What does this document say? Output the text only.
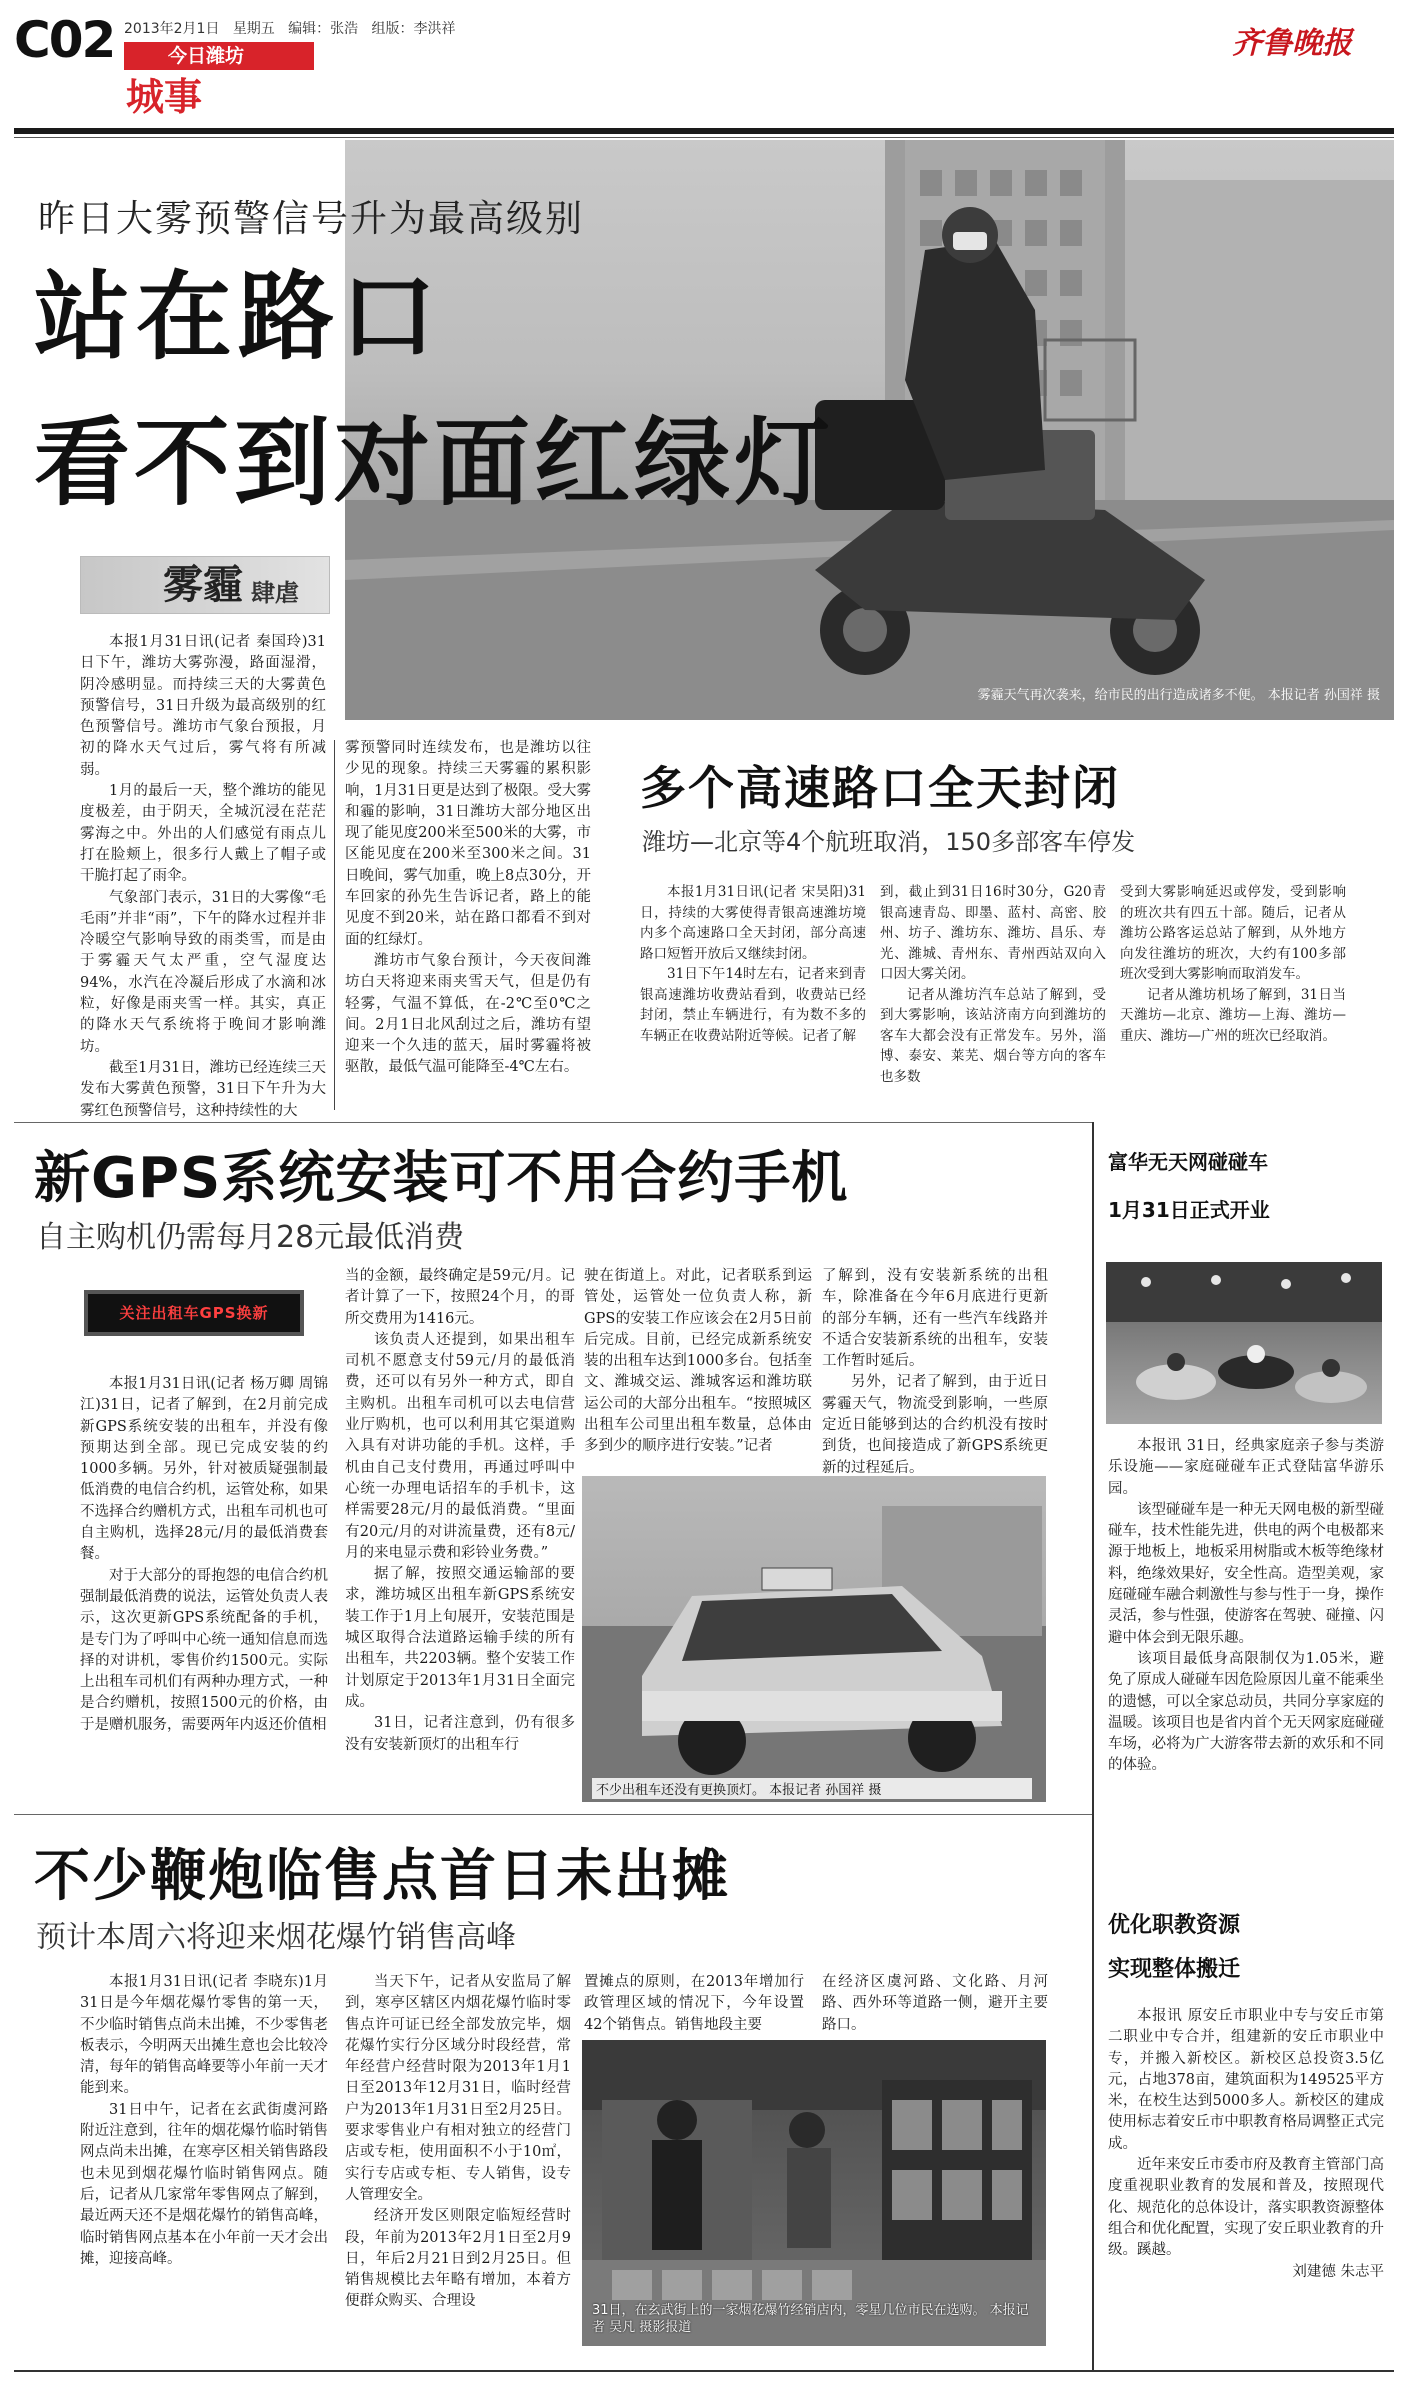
C02 2013年2月1日 星期五 编辑：张浩 组版：李洪祥
今日潍坊
城事
齐鲁晚报
雾霾天气再次袭来，给市民的出行造成诸多不便。 本报记者 孙国祥 摄
昨日大雾预警信号升为最高级别
站在路口
看不到对面红绿灯
雾霾 肆虐

本报1月31日讯(记者 秦国玲)31日下午，潍坊大雾弥漫，路面湿滑，阴冷感明显。而持续三天的大雾黄色预警信号，31日升级为最高级别的红色预警信号。潍坊市气象台预报，月初的降水天气过后，雾气将有所减弱。

1月的最后一天，整个潍坊的能见度极差，由于阴天，全城沉浸在茫茫雾海之中。外出的人们感觉有雨点儿打在脸颊上，很多行人戴上了帽子或干脆打起了雨伞。

气象部门表示，31日的大雾像“毛毛雨”并非“雨”，下午的降水过程并非冷暖空气影响导致的雨类雪，而是由于雾霾天气太严重，空气湿度达94%，水汽在冷凝后形成了水滴和冰粒，好像是雨夹雪一样。其实，真正的降水天气系统将于晚间才影响潍坊。

截至1月31日，潍坊已经连续三天发布大雾黄色预警，31日下午升为大雾红色预警信号，这种持续性的大

雾预警同时连续发布，也是潍坊以往少见的现象。持续三天雾霾的累积影响，1月31日更是达到了极限。受大雾和霾的影响，31日潍坊大部分地区出现了能见度200米至500米的大雾，市区能见度在200米至300米之间。31日晚间，雾气加重，晚上8点30分，开车回家的孙先生告诉记者，路上的能见度不到20米，站在路口都看不到对面的红绿灯。

潍坊市气象台预计，今天夜间潍坊白天将迎来雨夹雪天气，但是仍有轻雾，气温不算低，在-2℃至0℃之间。2月1日北风刮过之后，潍坊有望迎来一个久违的蓝天，届时雾霾将被驱散，最低气温可能降至-4℃左右。

多个高速路口全天封闭
潍坊—北京等4个航班取消，150多部客车停发

本报1月31日讯(记者 宋昊阳)31日，持续的大雾使得青银高速潍坊境内多个高速路口全天封闭，部分高速路口短暂开放后又继续封闭。

31日下午14时左右，记者来到青银高速潍坊收费站看到，收费站已经封闭，禁止车辆进行，有为数不多的车辆正在收费站附近等候。记者了解

到，截止到31日16时30分，G20青银高速青岛、即墨、蓝村、高密、胶州、坊子、潍坊东、潍坊、昌乐、寿光、潍城、青州东、青州西站双向入口因大雾关闭。

记者从潍坊汽车总站了解到，受到大雾影响，该站济南方向到潍坊的客车大都会没有正常发车。另外，淄博、泰安、莱芜、烟台等方向的客车也多数

受到大雾影响延迟或停发，受到影响的班次共有四五十部。随后，记者从潍坊公路客运总站了解到，从外地方向发往潍坊的班次，大约有100多部班次受到大雾影响而取消发车。

记者从潍坊机场了解到，31日当天潍坊—北京、潍坊—上海、潍坊—重庆、潍坊—广州的班次已经取消。

新GPS系统安装可不用合约手机
自主购机仍需每月28元最低消费
关注出租车GPS换新

本报1月31日讯(记者 杨万卿 周锦江)31日，记者了解到，在2月前完成新GPS系统安装的出租车，并没有像预期达到全部。现已完成安装的约1000多辆。另外，针对被质疑强制最低消费的电信合约机，运管处称，如果不选择合约赠机方式，出租车司机也可自主购机，选择28元/月的最低消费套餐。

对于大部分的哥抱怨的电信合约机强制最低消费的说法，运管处负责人表示，这次更新GPS系统配备的手机，是专门为了呼叫中心统一通知信息而选择的对讲机，零售价约1500元。实际上出租车司机们有两种办理方式，一种是合约赠机，按照1500元的价格，由于是赠机服务，需要两年内返还价值相

当的金额，最终确定是59元/月。记者计算了一下，按照24个月，的哥所交费用为1416元。

该负责人还提到，如果出租车司机不愿意支付59元/月的最低消费，还可以有另外一种方式，即自主购机。出租车司机可以去电信营业厅购机，也可以利用其它渠道购入具有对讲功能的手机。这样，手机由自己支付费用，再通过呼叫中心统一办理电话招车的手机卡，这样需要28元/月的最低消费。“里面有20元/月的对讲流量费，还有8元/月的来电显示费和彩铃业务费。”

据了解，按照交通运输部的要求，潍坊城区出租车新GPS系统安装工作于1月上旬展开，安装范围是城区取得合法道路运输手续的所有出租车，共2203辆。整个安装工作计划原定于2013年1月31日全面完成。

31日，记者注意到，仍有很多没有安装新顶灯的出租车行

驶在街道上。对此，记者联系到运管处，运管处一位负责人称，新GPS的安装工作应该会在2月5日前后完成。目前，已经完成新系统安装的出租车达到1000多台。包括奎文、潍城交运、潍城客运和潍坊联运公司的大部分出租车。“按照城区出租车公司里出租车数量，总体由多到少的顺序进行安装。”记者

了解到，没有安装新系统的出租车，除准备在今年6月底进行更新的部分车辆，还有一些汽车线路并不适合安装新系统的出租车，安装工作暂时延后。

另外，记者了解到，由于近日雾霾天气，物流受到影响，一些原定近日能够到达的合约机没有按时到货，也间接造成了新GPS系统更新的过程延后。

不少出租车还没有更换顶灯。 本报记者 孙国祥 摄
不少鞭炮临售点首日未出摊
预计本周六将迎来烟花爆竹销售高峰

本报1月31日讯(记者 李晓东)1月31日是今年烟花爆竹零售的第一天，不少临时销售点尚未出摊，不少零售老板表示，今明两天出摊生意也会比较冷清，每年的销售高峰要等小年前一天才能到来。

31日中午，记者在玄武街虞河路附近注意到，往年的烟花爆竹临时销售网点尚未出摊，在寒亭区相关销售路段也未见到烟花爆竹临时销售网点。随后，记者从几家常年零售网点了解到，最近两天还不是烟花爆竹的销售高峰，临时销售网点基本在小年前一天才会出摊，迎接高峰。

当天下午，记者从安监局了解到，寒亭区辖区内烟花爆竹临时零售点许可证已经全部发放完毕，烟花爆竹实行分区域分时段经营，常年经营户经营时限为2013年1月1日至2013年12月31日，临时经营户为2013年1月31日至2月25日。要求零售业户有相对独立的经营门店或专柜，使用面积不小于10㎡，实行专店或专柜、专人销售，设专人管理安全。

经济开发区则限定临短经营时段，年前为2013年2月1日至2月9日，年后2月21日到2月25日。但销售规模比去年略有增加，本着方便群众购买、合理设

置摊点的原则，在2013年增加行政管理区域的情况下，今年设置42个销售点。销售地段主要

在经济区虞河路、文化路、月河路、西外环等道路一侧，避开主要路口。

31日，在玄武街上的一家烟花爆竹经销店内，零星几位市民在选购。 本报记者 吴凡 摄影报道
富华无天网碰碰车
1月31日正式开业

本报讯 31日，经典家庭亲子参与类游乐设施——家庭碰碰车正式登陆富华游乐园。

该型碰碰车是一种无天网电极的新型碰碰车，技术性能先进，供电的两个电极都来源于地板上，地板采用树脂或木板等绝缘材料，绝缘效果好，安全性高。造型美观，家庭碰碰车融合刺激性与参与性于一身，操作灵活，参与性强，使游客在驾驶、碰撞、闪避中体会到无限乐趣。

该项目最低身高限制仅为1.05米，避免了原成人碰碰车因危险原因儿童不能乘坐的遗憾，可以全家总动员，共同分享家庭的温暖。该项目也是省内首个无天网家庭碰碰车场，必将为广大游客带去新的欢乐和不同的体验。

优化职教资源
实现整体搬迁

本报讯 原安丘市职业中专与安丘市第二职业中专合并，组建新的安丘市职业中专，并搬入新校区。新校区总投资3.5亿元，占地378亩，建筑面积为149525平方米，在校生达到5000多人。新校区的建成使用标志着安丘市中职教育格局调整正式完成。

近年来安丘市委市府及教育主管部门高度重视职业教育的发展和普及，按照现代化、规范化的总体设计，落实职教资源整体组合和优化配置，实现了安丘职业教育的升级。蹊越。

刘建德 朱志平
